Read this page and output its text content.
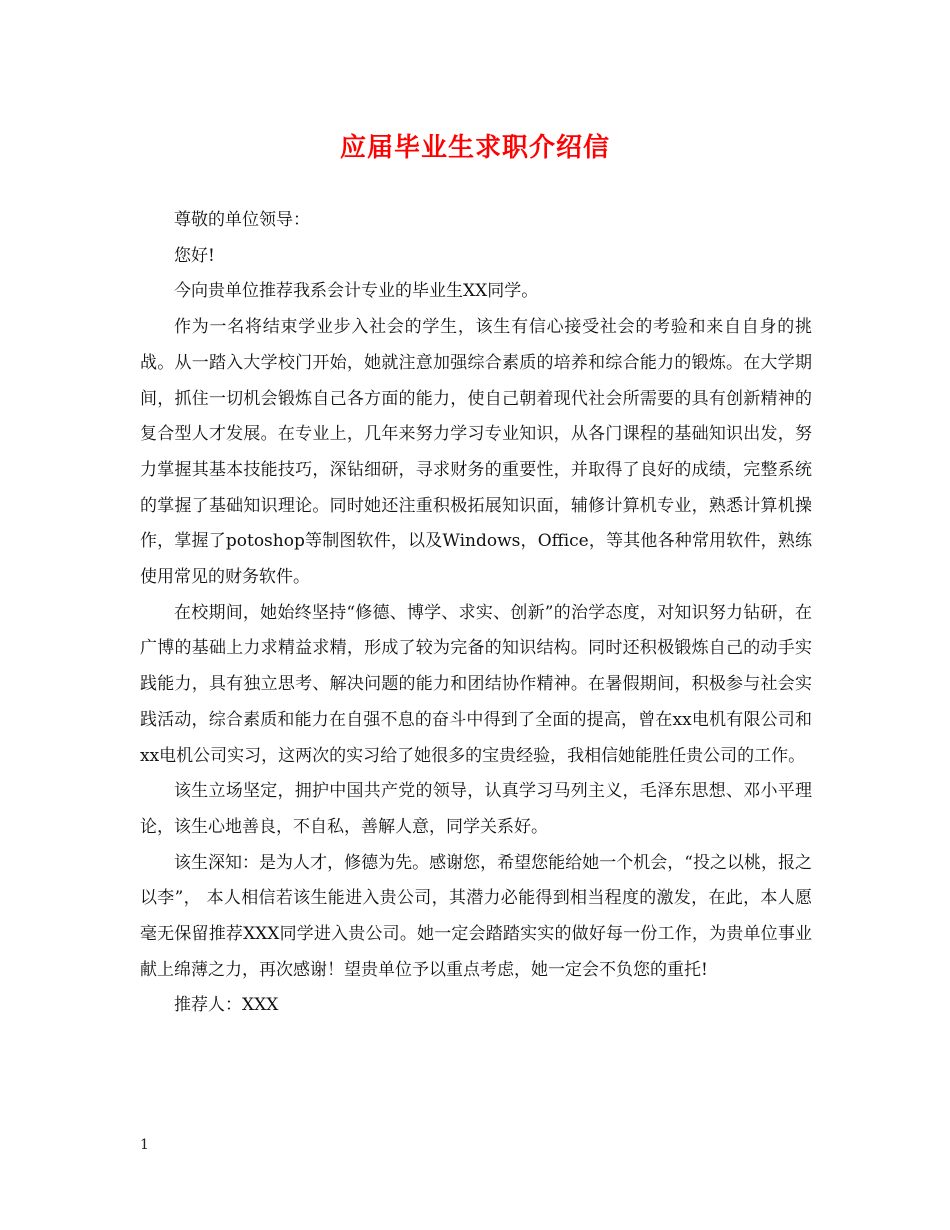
应届毕业生求职介绍信

尊敬的单位领导：

您好!

今向贵单位推荐我系会计专业的毕业生XX同学。

作为一名将结束学业步入社会的学生，该生有信心接受社会的考验和来自自身的挑战。从一踏入大学校门开始，她就注意加强综合素质的培养和综合能力的锻炼。在大学期间，抓住一切机会锻炼自己各方面的能力，使自己朝着现代社会所需要的具有创新精神的复合型人才发展。在专业上，几年来努力学习专业知识，从各门课程的基础知识出发，努力掌握其基本技能技巧，深钻细研，寻求财务的重要性，并取得了良好的成绩，完整系统的掌握了基础知识理论。同时她还注重积极拓展知识面，辅修计算机专业，熟悉计算机操作，掌握了potoshop等制图软件，以及Windows，Office，等其他各种常用软件，熟练使用常见的财务软件。

在校期间，她始终坚持“修德、博学、求实、创新”的治学态度，对知识努力钻研，在广博的基础上力求精益求精，形成了较为完备的知识结构。同时还积极锻炼自己的动手实践能力，具有独立思考、解决问题的能力和团结协作精神。在暑假期间，积极参与社会实践活动，综合素质和能力在自强不息的奋斗中得到了全面的提高，曾在xx电机有限公司和xx电机公司实习，这两次的实习给了她很多的宝贵经验，我相信她能胜任贵公司的工作。

该生立场坚定，拥护中国共产党的领导，认真学习马列主义，毛泽东思想、邓小平理论，该生心地善良，不自私，善解人意，同学关系好。

该生深知：是为人才，修德为先。感谢您，希望您能给她一个机会，“投之以桃，报之以李”， 本人相信若该生能进入贵公司，其潜力必能得到相当程度的激发，在此，本人愿毫无保留推荐XXX同学进入贵公司。她一定会踏踏实实的做好每一份工作，为贵单位事业献上绵薄之力，再次感谢！望贵单位予以重点考虑，她一定会不负您的重托!

推荐人：XXX

1
